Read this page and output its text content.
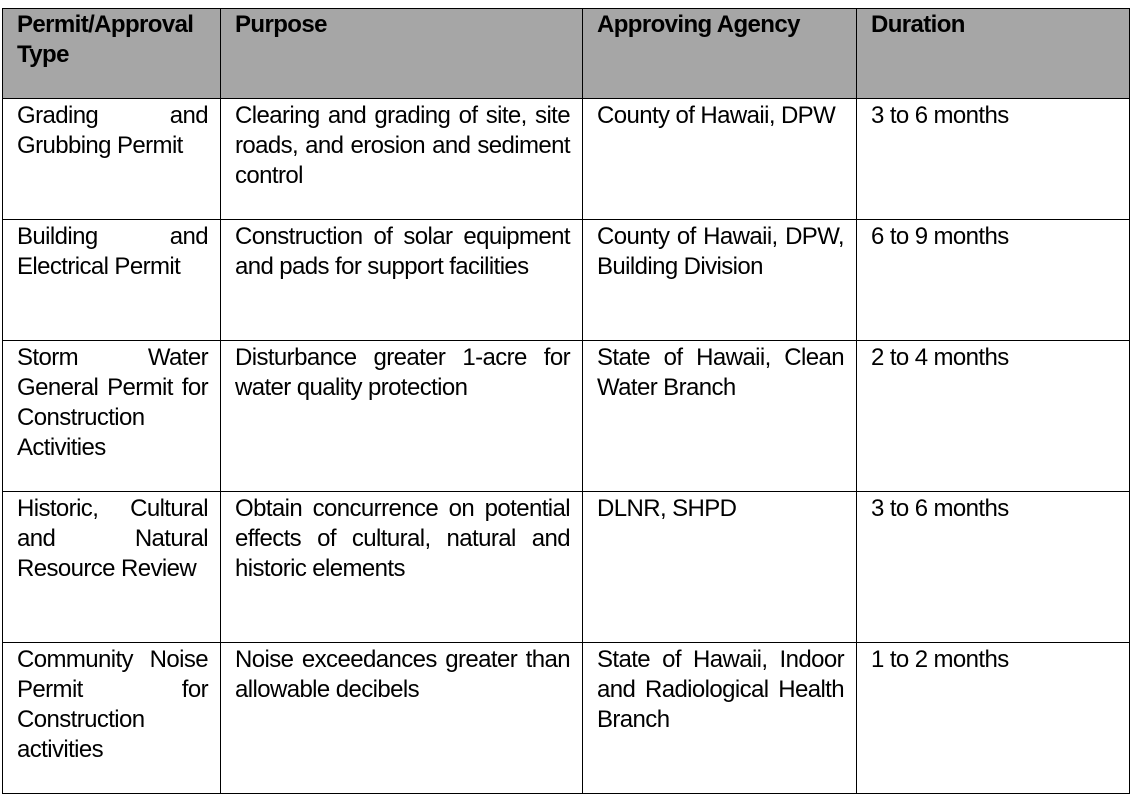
Permit/Approval Type	Purpose	Approving Agency	Duration
Grading and Grubbing Permit	Clearing and grading of site, site roads, and erosion and sediment control	County of Hawaii, DPW	3 to 6 months
Building and Electrical Permit	Construction of solar equipment and pads for support facilities	County of Hawaii, DPW, Building Division	6 to 9 months
Storm Water General Permit for Construction Activities	Disturbance greater 1-acre for water quality protection	State of Hawaii, Clean Water Branch	2 to 4 months
Historic, Cultural and Natural Resource Review	Obtain concurrence on potential effects of cultural, natural and historic elements	DLNR, SHPD	3 to 6 months
Community Noise Permit for Construction activities	Noise exceedances greater than allowable decibels	State of Hawaii, Indoor and Radiological Health Branch	1 to 2 months
